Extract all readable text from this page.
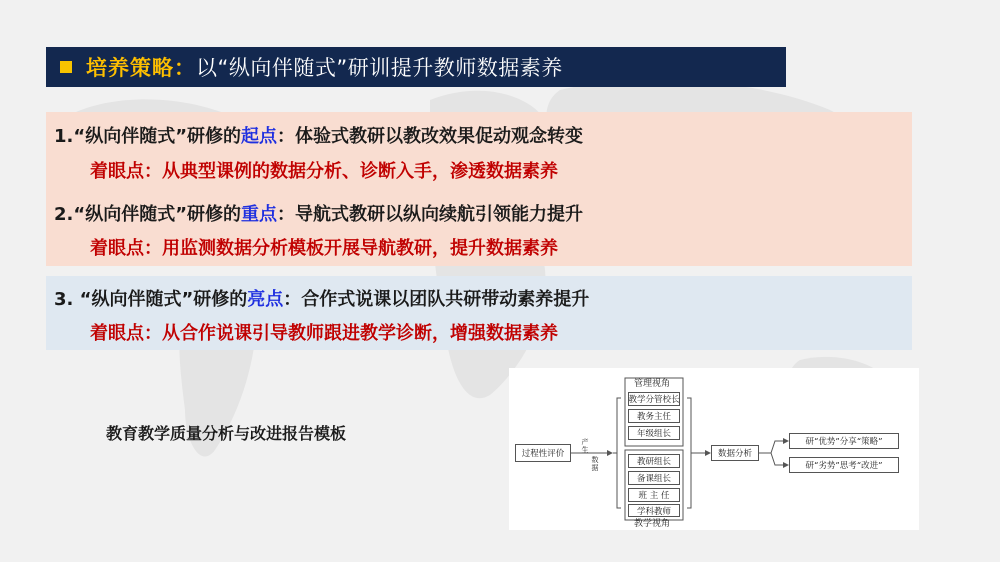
培养策略： 以“纵向伴随式”研训提升教师数据素养
1.“纵向伴随式”研修的起点：体验式教研以教改效果促动观念转变
着眼点：从典型课例的数据分析、诊断入手，渗透数据素养
2.“纵向伴随式”研修的重点：导航式教研以纵向续航引领能力提升
着眼点：用监测数据分析模板开展导航教研，提升数据素养
3. “纵向伴随式”研修的亮点：合作式说课以团队共研带动素养提升
着眼点：从合作说课引导教师跟进教学诊断，增强数据素养
教育教学质量分析与改进报告模板
过程性评价
产生
数据
管理视角
教学分管校长
教务主任
年级组长
教研组长
备课组长
班 主 任
学科教师
教学视角
数据分析
研“优势”分享“策略”
研“劣势”思考“改进”
